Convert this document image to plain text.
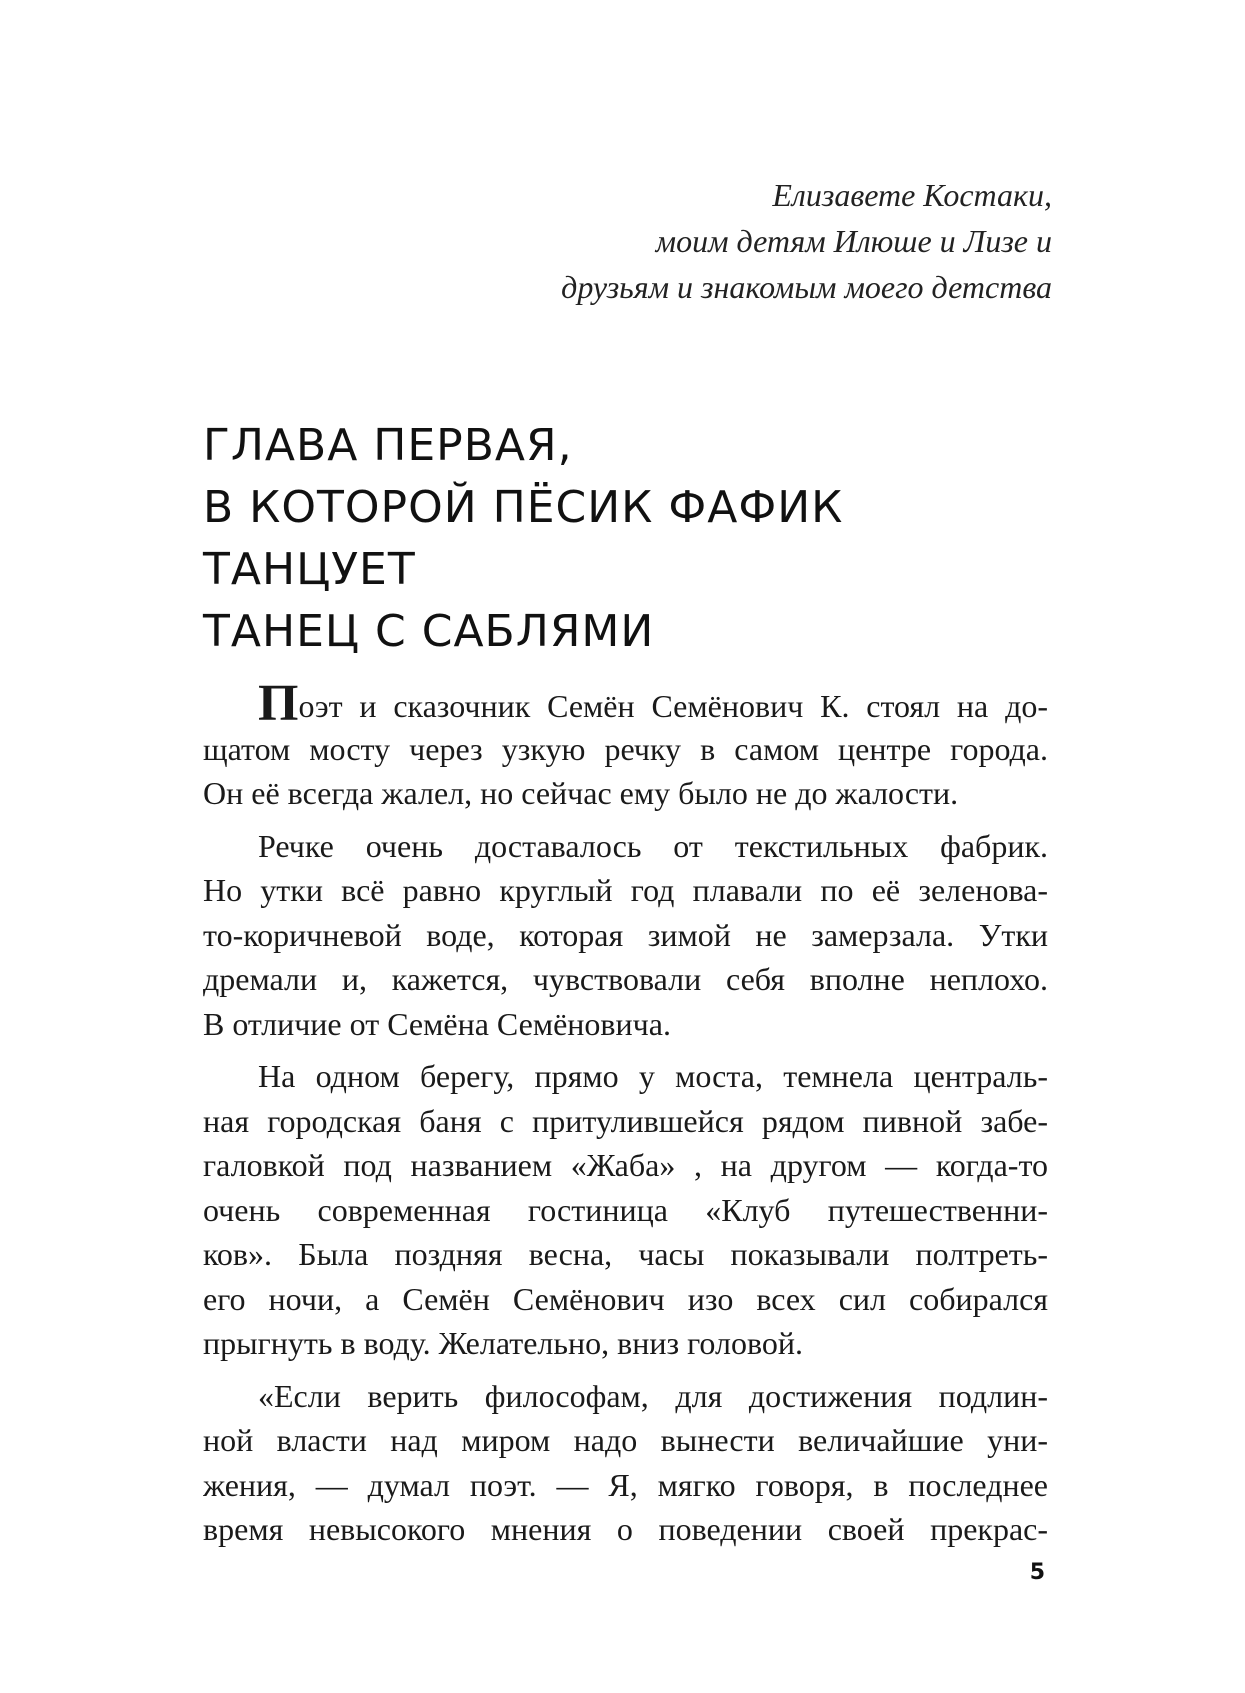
Елизавете Костаки,
моим детям Илюше и Лизе и
друзьям и знакомым моего детства
ГЛАВА ПЕРВАЯ,
В КОТОРОЙ ПЁСИК ФАФИК ТАНЦУЕТ
ТАНЕЦ С САБЛЯМИ
Поэт и сказочник Семён Семёнович К. стоял на до-
щатом мосту через узкую речку в самом центре города.
Он её всегда жалел, но сейчас ему было не до жалости.
Речке очень доставалось от текстильных фабрик.
Но утки всё равно круглый год плавали по её зеленова-
то-коричневой воде, которая зимой не замерзала. Утки
дремали и, кажется, чувствовали себя вполне неплохо.
В отличие от Семёна Семёновича.
На одном берегу, прямо у моста, темнела централь-
ная городская баня с притулившейся рядом пивной забе-
галовкой под названием «Жаба» , на другом — когда-то
очень современная гостиница «Клуб путешественни-
ков». Была поздняя весна, часы показывали полтреть-
его ночи, а Семён Семёнович изо всех сил собирался
прыгнуть в воду. Желательно, вниз головой.
«Если верить философам, для достижения подлин-
ной власти над миром надо вынести величайшие уни-
жения, — думал поэт. — Я, мягко говоря, в последнее
время невысокого мнения о поведении своей прекрас-
5
